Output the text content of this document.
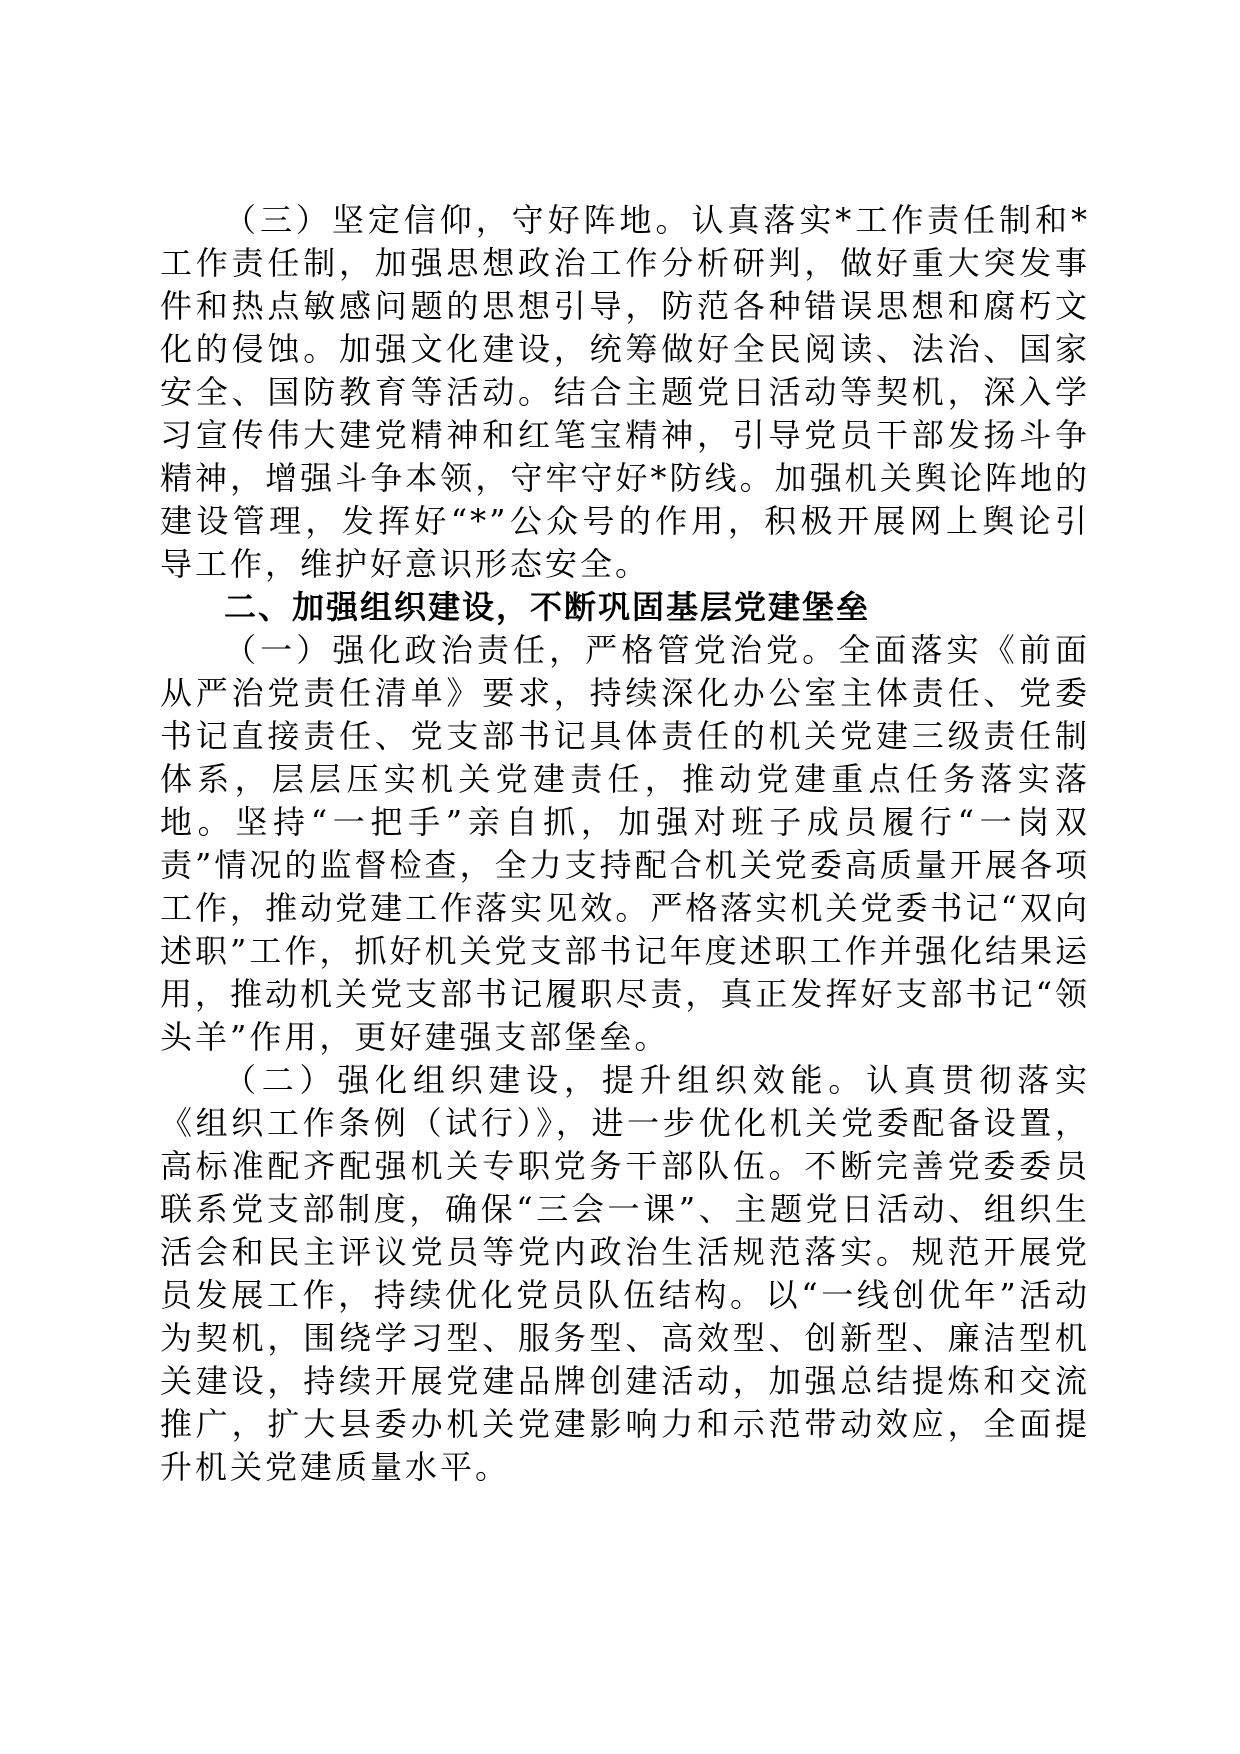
（三）坚定信仰，守好阵地。认真落实*工作责任制和*工作责任制，加强思想政治工作分析研判，做好重大突发事件和热点敏感问题的思想引导，防范各种错误思想和腐朽文化的侵蚀。加强文化建设，统筹做好全民阅读、法治、国家安全、国防教育等活动。结合主题党日活动等契机，深入学习宣传伟大建党精神和红笔宝精神，引导党员干部发扬斗争精神，增强斗争本领，守牢守好*防线。加强机关舆论阵地的建设管理，发挥好“*”公众号的作用，积极开展网上舆论引导工作，维护好意识形态安全。

二、加强组织建设，不断巩固基层党建堡垒

（一）强化政治责任，严格管党治党。全面落实《前面从严治党责任清单》要求，持续深化办公室主体责任、党委书记直接责任、党支部书记具体责任的机关党建三级责任制体系，层层压实机关党建责任，推动党建重点任务落实落地。坚持“一把手”亲自抓，加强对班子成员履行“一岗双责”情况的监督检查，全力支持配合机关党委高质量开展各项工作，推动党建工作落实见效。严格落实机关党委书记“双向述职”工作，抓好机关党支部书记年度述职工作并强化结果运用，推动机关党支部书记履职尽责，真正发挥好支部书记“领头羊”作用，更好建强支部堡垒。

（二）强化组织建设，提升组织效能。认真贯彻落实《组织工作条例（试行）》，进一步优化机关党委配备设置，高标准配齐配强机关专职党务干部队伍。不断完善党委委员联系党支部制度，确保“三会一课”、主题党日活动、组织生活会和民主评议党员等党内政治生活规范落实。规范开展党员发展工作，持续优化党员队伍结构。以“一线创优年”活动为契机，围绕学习型、服务型、高效型、创新型、廉洁型机关建设，持续开展党建品牌创建活动，加强总结提炼和交流推广，扩大县委办机关党建影响力和示范带动效应，全面提升机关党建质量水平。
